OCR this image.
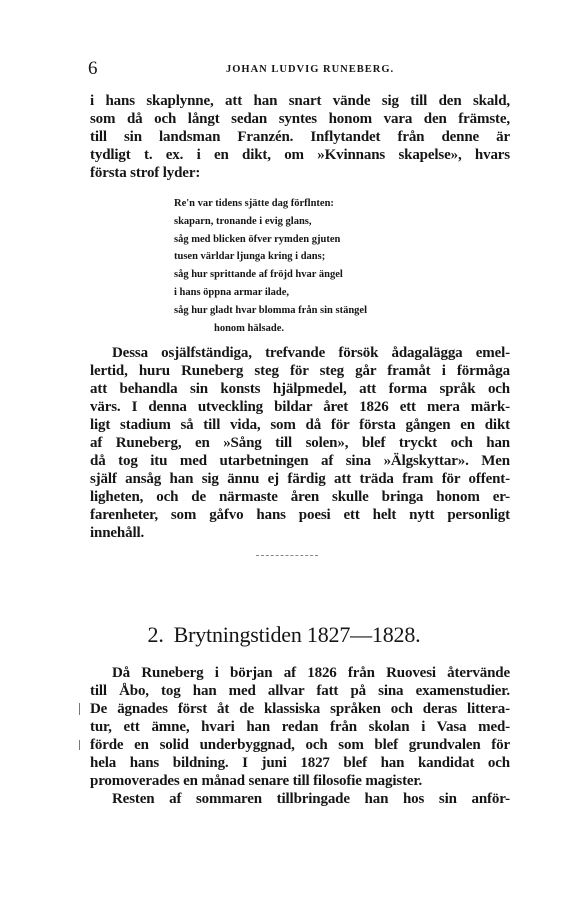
6	JOHAN LUDVIG RUNEBERG.
i hans skaplynne, att han snart vände sig till den skald,
som då och långt sedan syntes honom vara den främste,
till sin landsman Franzén. Inflytandet från denne är
tydligt t. ex. i en dikt, om »Kvinnans skapelse», hvars
första strof lyder:
Re'n var tidens sjätte dag förflnten:
skaparn, tronande i evig glans,
såg med blicken öfver rymden gjuten
tusen världar ljunga kring i dans;
såg hur sprittande af fröjd hvar ängel
i hans öppna armar ilade,
såg hur gladt hvar blomma från sin stängel
honom hälsade.
Dessa osjälfständiga, trefvande försök ådagalägga emel-
lertid, huru Runeberg steg för steg går framåt i förmåga
att behandla sin konsts hjälpmedel, att forma språk och
värs. I denna utveckling bildar året 1826 ett mera märk-
ligt stadium så till vida, som då för första gången en dikt
af Runeberg, en »Sång till solen», blef tryckt och han
då tog itu med utarbetningen af sina »Älgskyttar». Men
själf ansåg han sig ännu ej färdig att träda fram för offent-
ligheten, och de närmaste åren skulle bringa honom er-
farenheter, som gåfvo hans poesi ett helt nytt personligt
innehåll.
2. Brytningstiden 1827—1828.
Då Runeberg i början af 1826 från Ruovesi återvände
till Åbo, tog han med allvar fatt på sina examenstudier.
De ägnades först åt de klassiska språken och deras littera-
tur, ett ämne, hvari han redan från skolan i Vasa med-
förde en solid underbyggnad, och som blef grundvalen för
hela hans bildning. I juni 1827 blef han kandidat och
promoverades en månad senare till filosofie magister.
Resten af sommaren tillbringade han hos sin anför-
